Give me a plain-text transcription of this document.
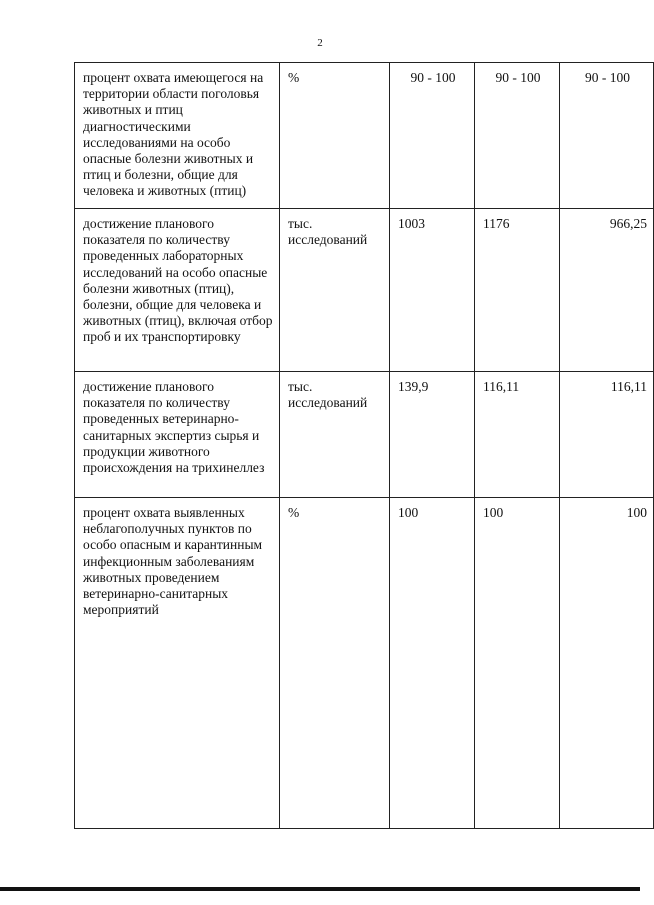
2
процент охвата имеющегося на территории области поголовья животных и птиц диагностическими исследованиями на особо опасные болезни животных и птиц и болезни, общие для человека и животных (птиц)	%	90 - 100	90 - 100	90 - 100
достижение планового показателя по количеству проведенных лабораторных исследований на особо опасные болезни животных (птиц), болезни, общие для человека и животных (птиц), включая отбор проб и их транспортировку	тыс. исследований	1003	1176	966,25
достижение планового показателя по количеству проведенных ветеринарно-санитарных экспертиз сырья и продукции животного происхождения на трихинеллез	тыс. исследований	139,9	116,11	116,11
процент охвата выявленных неблагополучных пунктов по особо опасным и карантинным инфекционным заболеваниям животных проведением ветеринарно-санитарных мероприятий	%	100	100	100
